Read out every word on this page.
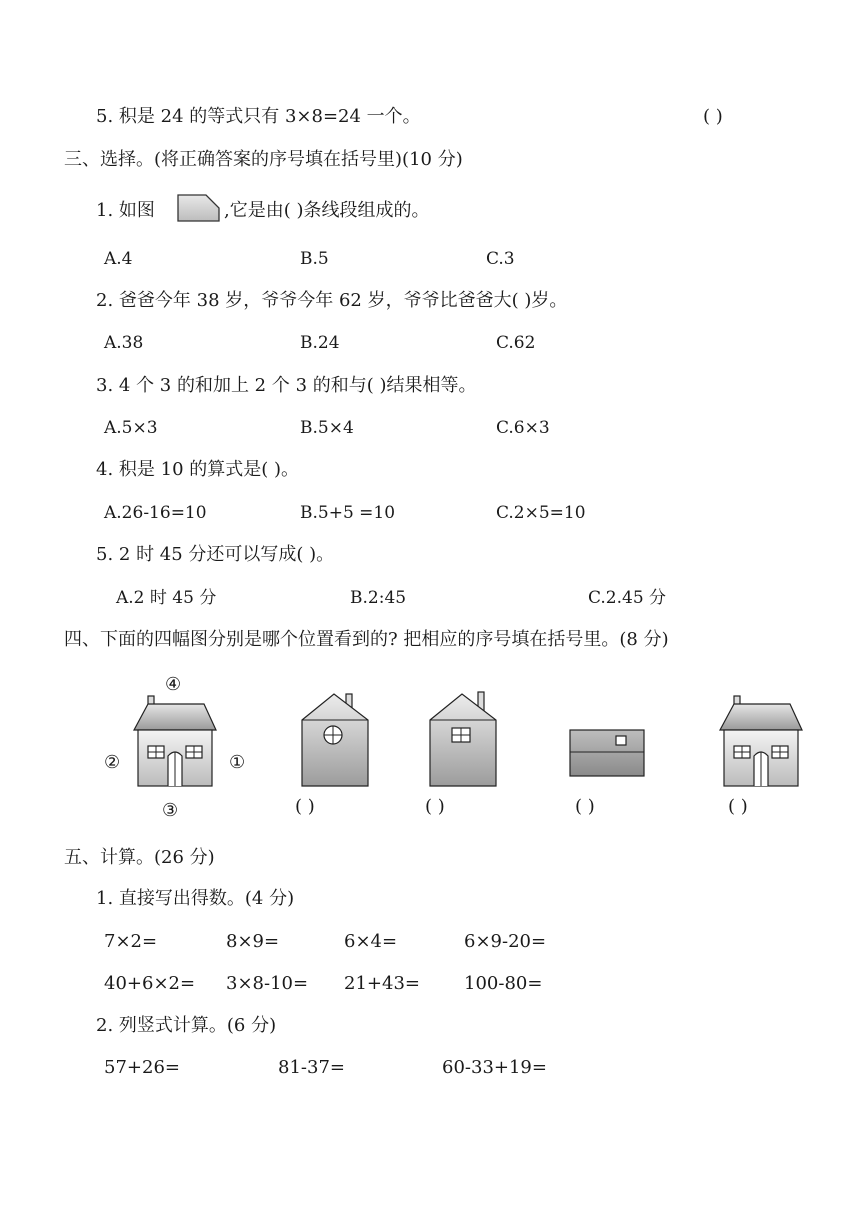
5. 积是 24 的等式只有 3×8=24 一个。	( )
三、选择。(将正确答案的序号填在括号里)(10 分)
1. 如图	,它是由( )条线段组成的。
A.4	B.5	C.3
2. 爸爸今年 38 岁，爷爷今年 62 岁，爷爷比爸爸大( )岁。
A.38	B.24	C.62
3. 4 个 3 的和加上 2 个 3 的和与( )结果相等。
A.5×3	B.5×4	C.6×3
4. 积是 10 的算式是( )。
A.26-16=10	B.5+5 =10	C.2×5=10
5. 2 时 45 分还可以写成( )。
A.2 时 45 分	B.2:45	C.2.45 分
四、下面的四幅图分别是哪个位置看到的? 把相应的序号填在括号里。(8 分)
④
②	①
③	( )	( )	( )	( )
五、计算。(26 分)
1. 直接写出得数。(4 分)
7×2=	8×9=	6×4=	6×9-20=
40+6×2= 3×8-10= 21+43= 100-80=
2. 列竖式计算。(6 分)
57+26=	81-37=	60-33+19=
